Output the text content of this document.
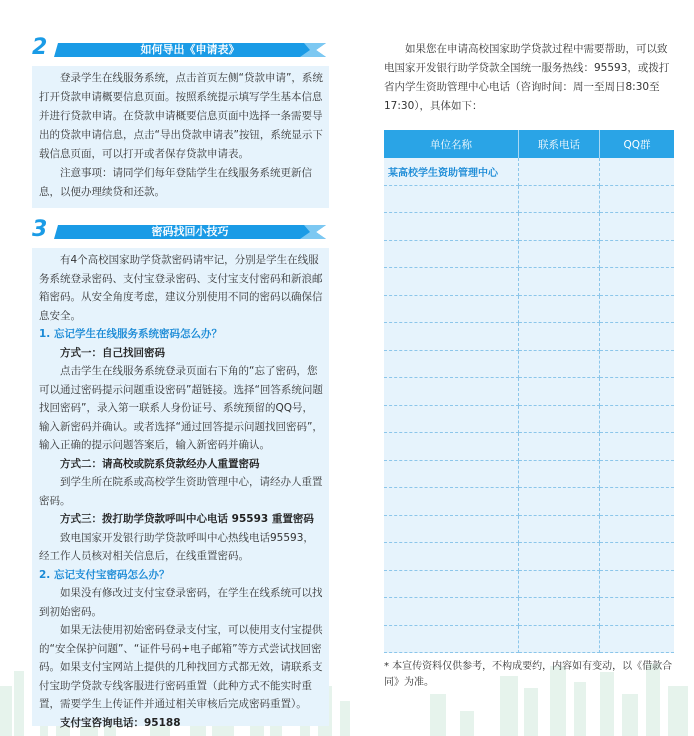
2	如何导出《申请表》

登录学生在线服务系统，点击首页左侧“贷款申请”，系统打开贷款申请概要信息页面。按照系统提示填写学生基本信息并进行贷款申请。在贷款申请概要信息页面中选择一条需要导出的贷款申请信息，点击“导出贷款申请表”按钮，系统显示下载信息页面，可以打开或者保存贷款申请表。

注意事项：请同学们每年登陆学生在线服务系统更新信息，以便办理续贷和还款。

3	密码找回小技巧

有4个高校国家助学贷款密码请牢记，分别是学生在线服务系统登录密码、支付宝登录密码、支付宝支付密码和新浪邮箱密码。从安全角度考虑，建议分别使用不同的密码以确保信息安全。

1. 忘记学生在线服务系统密码怎么办？

方式一：自己找回密码

点击学生在线服务系统登录页面右下角的“忘了密码，您可以通过密码提示问题重设密码”超链接。选择“回答系统问题找回密码”，录入第一联系人身份证号、系统预留的QQ号，输入新密码并确认。或者选择“通过回答提示问题找回密码”，输入正确的提示问题答案后，输入新密码并确认。

方式二：请高校或院系贷款经办人重置密码

到学生所在院系或高校学生资助管理中心，请经办人重置密码。

方式三：拨打助学贷款呼叫中心电话 95593 重置密码

致电国家开发银行助学贷款呼叫中心热线电话95593，经工作人员核对相关信息后，在线重置密码。

2. 忘记支付宝密码怎么办？

如果没有修改过支付宝登录密码，在学生在线系统可以找到初始密码。

如果无法使用初始密码登录支付宝，可以使用支付宝提供的“安全保护问题”、“证件号码+电子邮箱”等方式尝试找回密码。如果支付宝网站上提供的几种找回方式都无效，请联系支付宝助学贷款专线客服进行密码重置（此种方式不能实时重置，需要学生上传证件并通过相关审核后完成密码重置）。

支付宝咨询电话：95188

如果您在申请高校国家助学贷款过程中需要帮助，可以致电国家开发银行助学贷款全国统一服务热线：95593，或拨打省内学生资助管理中心电话（咨询时间：周一至周日8:30至17:30），具体如下：

单位名称	联系电话	QQ群
某高校学生资助管理中心		

* 本宣传资料仅供参考，不构成要约，内容如有变动，以《借款合同》为准。
